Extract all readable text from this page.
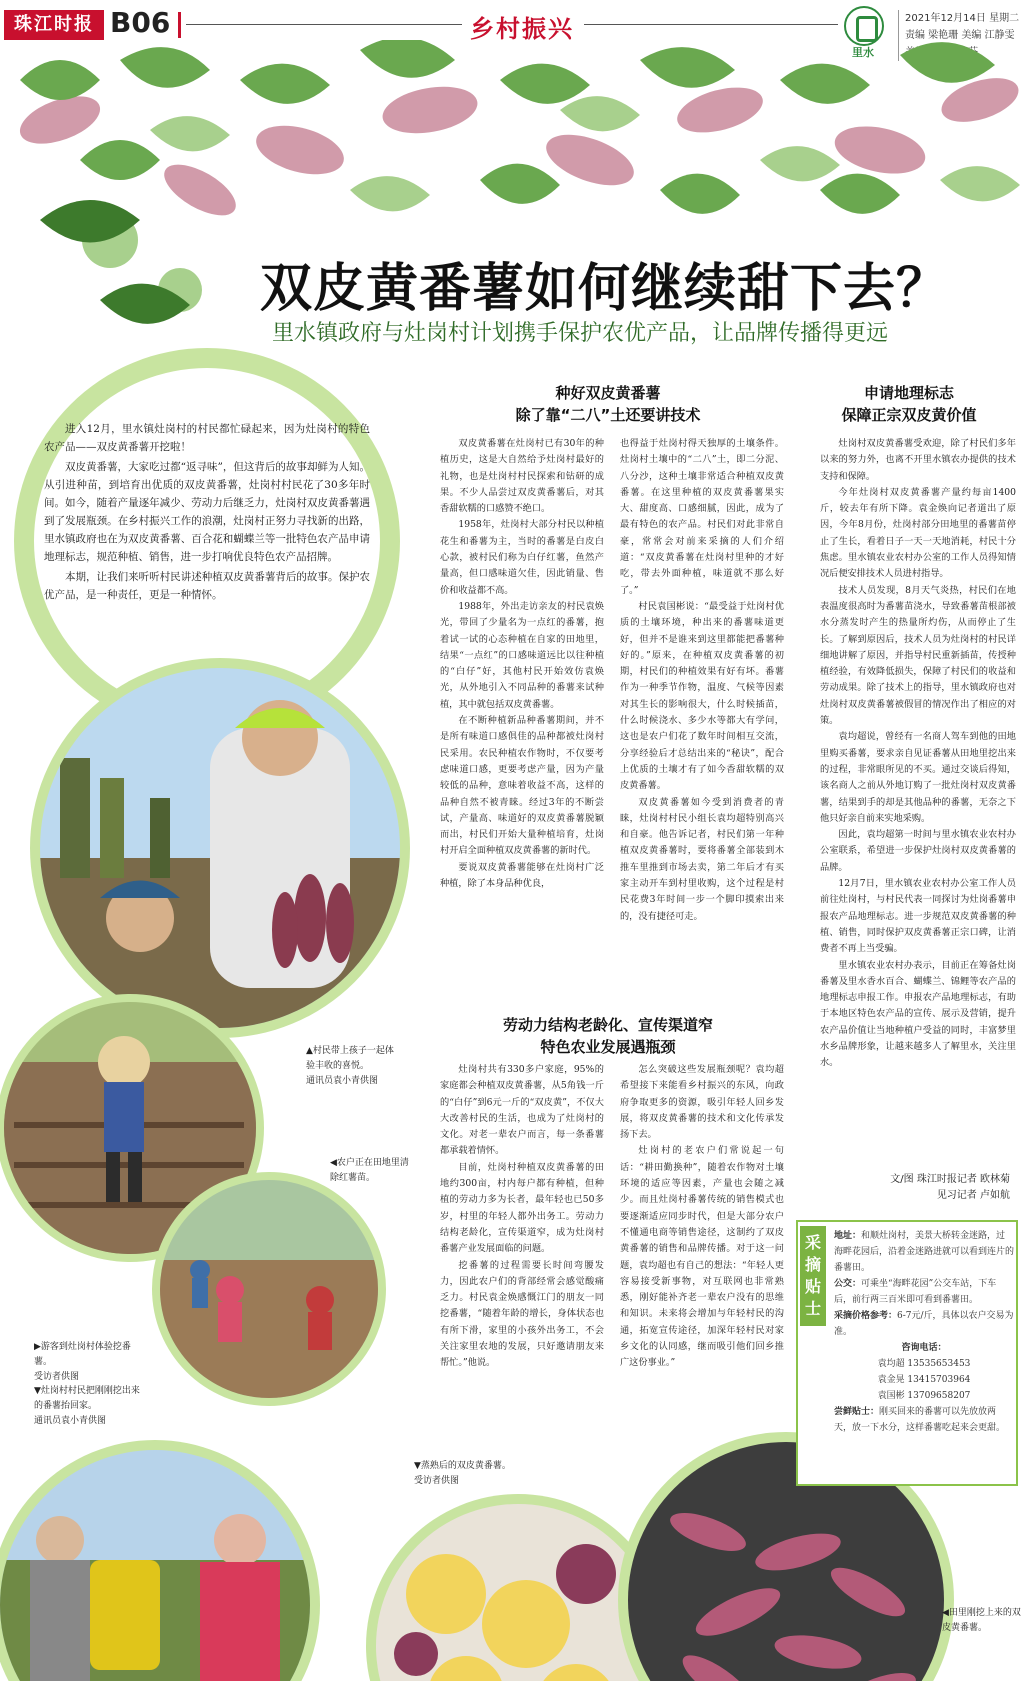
珠江时报 B06	乡村振兴
里水
2021年12月14日 星期二
责编 梁艳珊 美编 江静雯
双皮黄番薯如何继续甜下去？
里水镇政府与灶岗村计划携手保护农优产品，让品牌传播得更远

进入12月，里水镇灶岗村的村民都忙碌起来，因为灶岗村的特色农产品——双皮黄番薯开挖啦！

双皮黄番薯，大家吃过都“返寻味”，但这背后的故事却鲜为人知。从引进种苗，到培育出优质的双皮黄番薯，灶岗村村民花了30多年时间。如今，随着产量逐年减少、劳动力后继乏力，灶岗村双皮黄番薯遇到了发展瓶颈。在乡村振兴工作的浪潮，灶岗村正努力寻找新的出路，里水镇政府也在为双皮黄番薯、百合花和蝴蝶兰等一批特色农产品申请地理标志，规范种植、销售，进一步打响优良特色农产品招牌。

本期，让我们来听听村民讲述种植双皮黄番薯背后的故事。保护农优产品，是一种责任，更是一种情怀。

▲村民带上孩子一起体验丰收的喜悦。
通讯员袁小青供图
◀农户正在田地里清除红薯苗。
▶游客到灶岗村体验挖番薯。
受访者供图
▼灶岗村村民把刚刚挖出来的番薯抬回家。
通讯员袁小青供图
▼蒸熟后的双皮黄番薯。
受访者供图
◀田里刚挖上来的双皮黄番薯。
种好双皮黄番薯
除了靠“二八”土还要讲技术

双皮黄番薯在灶岗村已有30年的种植历史，这是大自然给予灶岗村最好的礼物，也是灶岗村村民探索和钻研的成果。不少人品尝过双皮黄番薯后，对其香甜软糯的口感赞不绝口。

1958年，灶岗村大部分村民以种植花生和番薯为主，当时的番薯是白皮白心款，被村民们称为白仔红薯，鱼然产量高，但口感味道欠佳，因此销量、售价和收益都不高。

1988年，外出走访亲友的村民袁焕光，带回了少量名为一点红的番薯，抱着试一试的心态种植在自家的田地里，结果“一点红”的口感味道远比以往种植的“白仔”好，其他村民开始效仿袁焕光，从外地引入不同品种的番薯来试种植，其中就包括双皮黄番薯。

在不断种植新品种番薯期间，并不是所有味道口感俱佳的品种都被灶岗村民采用。农民种植农作物时，不仅要考虑味道口感，更要考虑产量，因为产量较低的品种，意味着收益不高，这样的品种自然不被青睐。经过3年的不断尝试，产量高、味道好的双皮黄番薯脱颖而出，村民们开始大量种植培育，灶岗村开启全面种植双皮黄番薯的新时代。

要说双皮黄番薯能够在灶岗村广泛种植，除了本身品种优良，

也得益于灶岗村得天独厚的土壤条件。灶岗村土壤中的“二八”土，即二分泥、八分沙，这种土壤非常适合种植双皮黄番薯。在这里种植的双皮黄番薯果实大、甜度高、口感细腻，因此，成为了最有特色的农产品。村民们对此非常自豪，常常会对前来采摘的人们介绍道：“双皮黄番薯在灶岗村里种的才好吃，带去外面种植，味道就不那么好了。”

村民袁国彬说：“最受益于灶岗村优质的土壤环境，种出来的番薯味道更好，但并不是谁来到这里都能把番薯种好的。”原来，在种植双皮黄番薯的初期，村民们的种植效果有好有坏。番薯作为一种季节作物，温度、气候等因素对其生长的影响很大，什么时候插苗，什么时候浇水、多少水等都大有学问，这也是农户们花了数年时间相互交流，分享经验后才总结出来的“秘诀”，配合上优质的土壤才有了如今香甜软糯的双皮黄番薯。

双皮黄番薯如今受到消费者的青睐，灶岗村村民小组长袁均超特别高兴和自豪。他告诉记者，村民们第一年种植双皮黄番薯时，要将番薯全部装到木推车里推到市场去卖，第二年后才有买家主动开车到村里收购，这个过程是村民花费3年时间一步一个脚印摸索出来的，没有捷径可走。

劳动力结构老龄化、宣传渠道窄
特色农业发展遇瓶颈

灶岗村共有330多户家庭，95%的家庭都会种植双皮黄番薯，从5角钱一斤的“白仔”到6元一斤的“双皮黄”，不仅大大改善村民的生活，也成为了灶岗村的文化。对老一辈农户而言，每一条番薯都承载着情怀。

目前，灶岗村种植双皮黄番薯的田地约300亩，村内每户都有种植，但种植的劳动力多为长者，最年轻也已50多岁，村里的年轻人都外出务工。劳动力结构老龄化，宣传渠道窄，成为灶岗村番薯产业发展面临的问题。

挖番薯的过程需要长时间弯腰发力，因此农户们的背部经常会感觉酸痛乏力。村民袁金焕感慨江门的朋友一同挖番薯，“随着年龄的增长，身体状态也有所下滑，家里的小孩外出务工，不会关注家里农地的发展，只好邀请朋友来帮忙。”他说。

怎么突破这些发展瓶颈呢？袁均超希望接下来能看乡村振兴的东风，向政府争取更多的资源，吸引年轻人回乡发展，将双皮黄番薯的技术和文化传承发扬下去。

灶岗村的老农户们常说起一句话：“耕田勤换种”，随着农作物对土壤环境的适应等因素，产量也会随之减少。而且灶岗村番薯传统的销售模式也要逐渐适应同步时代，但是大部分农户不懂通电商等销售途径，这制约了双皮黄番薯的销售和品牌传播。对于这一问题，袁均超也有自己的想法：“年轻人更容易接受新事物，对互联网也非常熟悉，刚好能补齐老一辈农户没有的思维和知识。未来将会增加与年轻村民的沟通，拓宽宣传途径，加深年轻村民对家乡文化的认同感，继而吸引他们回乡推广这份事业。”

申请地理标志
保障正宗双皮黄价值

灶岗村双皮黄番薯受欢迎，除了村民们多年以来的努力外，也离不开里水镇农办提供的技术支持和保障。

今年灶岗村双皮黄番薯产量约每亩1400斤，较去年有所下降。袁金焕向记者道出了原因，今年8月份，灶岗村部分田地里的番薯苗停止了生长，看着日子一天一天地消耗，村民十分焦虑。里水镇农业农村办公室的工作人员得知情况后便安排技术人员进村指导。

技术人员发现，8月天气炎热，村民们在地表温度很高时为番薯苗浇水，导致番薯苗根部被水分蒸发时产生的热量所灼伤，从而停止了生长。了解到原因后，技术人员为灶岗村的村民详细地讲解了原因，并指导村民重新插苗，传授种植经验，有效降低损失，保障了村民们的收益和劳动成果。除了技术上的指导，里水镇政府也对灶岗村双皮黄番薯被假冒的情况作出了相应的对策。

袁均超说，曾经有一名商人驾车到他的田地里购买番薯，要求亲自见证番薯从田地里挖出来的过程，非常眼所见的不买。通过交谈后得知，该名商人之前从外地订购了一批灶岗村双皮黄番薯，结果到手的却是其他品种的番薯，无奈之下他只好亲自前来实地采购。

因此，袁均超第一时间与里水镇农业农村办公室联系，希望进一步保护灶岗村双皮黄番薯的品牌。

12月7日，里水镇农业农村办公室工作人员前往灶岗村，与村民代表一同探讨为灶岗番薯申报农产品地理标志。进一步规范双皮黄番薯的种植、销售，同时保护双皮黄番薯正宗口碑，让消费者不再上当受骗。

里水镇农业农村办表示，目前正在筹备灶岗番薯及里水香水百合、蝴蝶兰、锦鲤等农产品的地理标志申报工作。申报农产品地理标志，有助于本地区特色农产品的宣传、展示及营销，提升农产品价值让当地种植户受益的同时，丰富梦里水乡品牌形象，让越来越多人了解里水，关注里水。

文/图 珠江时报记者 欧林菊
见习记者 卢如航
采摘贴士
地址：和顺灶岗村，美景大桥转金迷路，过海畔花园后，沿着金迷路进就可以看到连片的番薯田。
公交：可乘坐“海畔花园”公交车站，下车后，前行两三百米即可看到番薯田。
采摘价格参考：6-7元/斤，具体以农户交易为准。
咨询电话：
袁均超 13535653453
袁金晃 13415703964
袁国彬 13709658207
尝鲜贴士：刚买回来的番薯可以先放放两天，放一下水分，这样番薯吃起来会更甜。
